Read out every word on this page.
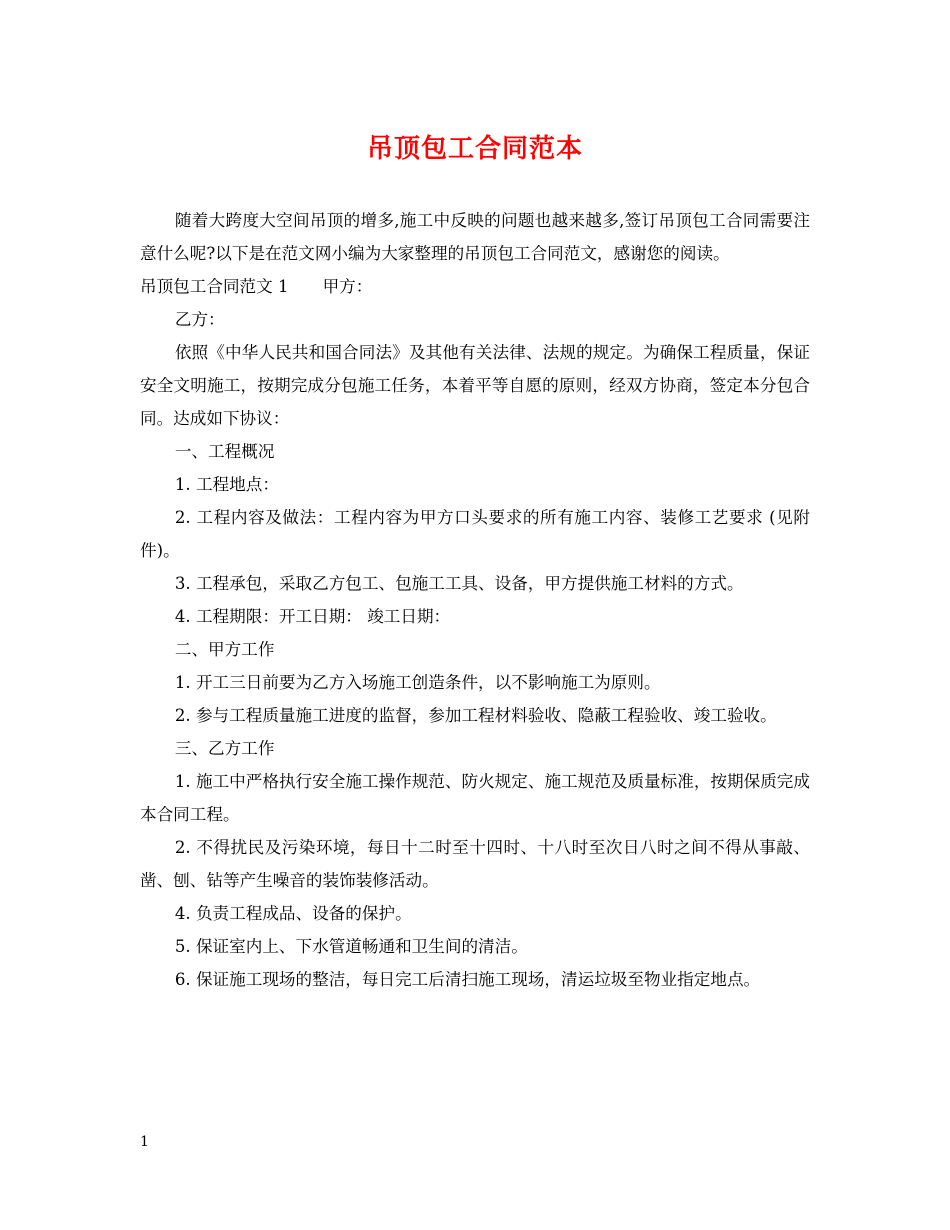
吊顶包工合同范本

随着大跨度大空间吊顶的增多,施工中反映的问题也越来越多,签订吊顶包工合同需要注意什么呢?以下是在范文网小编为大家整理的吊顶包工合同范文，感谢您的阅读。

吊顶包工合同范文 1 甲方：

乙方：

依照《中华人民共和国合同法》及其他有关法律、法规的规定。为确保工程质量，保证安全文明施工，按期完成分包施工任务，本着平等自愿的原则，经双方协商，签定本分包合同。达成如下协议：

一、工程概况

1. 工程地点：

2. 工程内容及做法：工程内容为甲方口头要求的所有施工内容、装修工艺要求 (见附件)。

3. 工程承包，采取乙方包工、包施工工具、设备，甲方提供施工材料的方式。

4. 工程期限：开工日期： 竣工日期：

二、甲方工作

1. 开工三日前要为乙方入场施工创造条件，以不影响施工为原则。

2. 参与工程质量施工进度的监督，参加工程材料验收、隐蔽工程验收、竣工验收。

三、乙方工作

1. 施工中严格执行安全施工操作规范、防火规定、施工规范及质量标准，按期保质完成本合同工程。

2. 不得扰民及污染环境，每日十二时至十四时、十八时至次日八时之间不得从事敲、凿、刨、钻等产生噪音的装饰装修活动。

4. 负责工程成品、设备的保护。

5. 保证室内上、下水管道畅通和卫生间的清洁。

6. 保证施工现场的整洁，每日完工后清扫施工现场，清运垃圾至物业指定地点。

1
